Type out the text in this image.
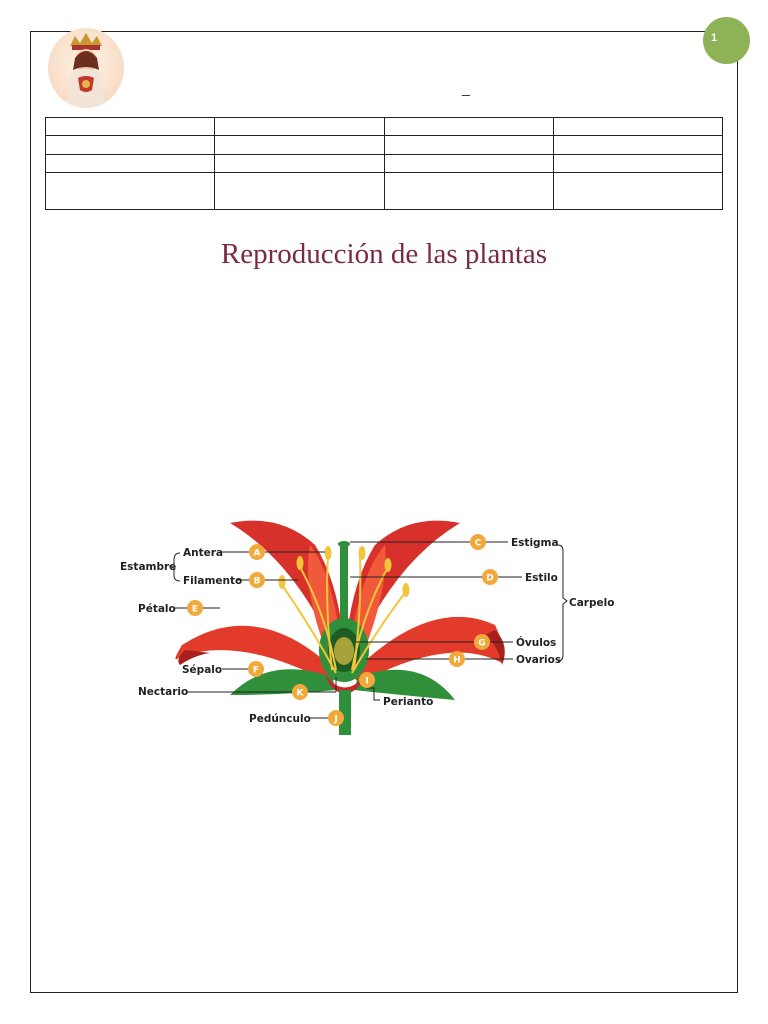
1
_

Reproducción de las plantas
Estambre
Antera
Filamento
Pétalo
Sépalo
Nectario
Pedúnculo
Estigma
Estilo
Óvulos
Ovarios
Perianto
Carpelo
A
B
C
D
E
F
G
H
I
J
K
